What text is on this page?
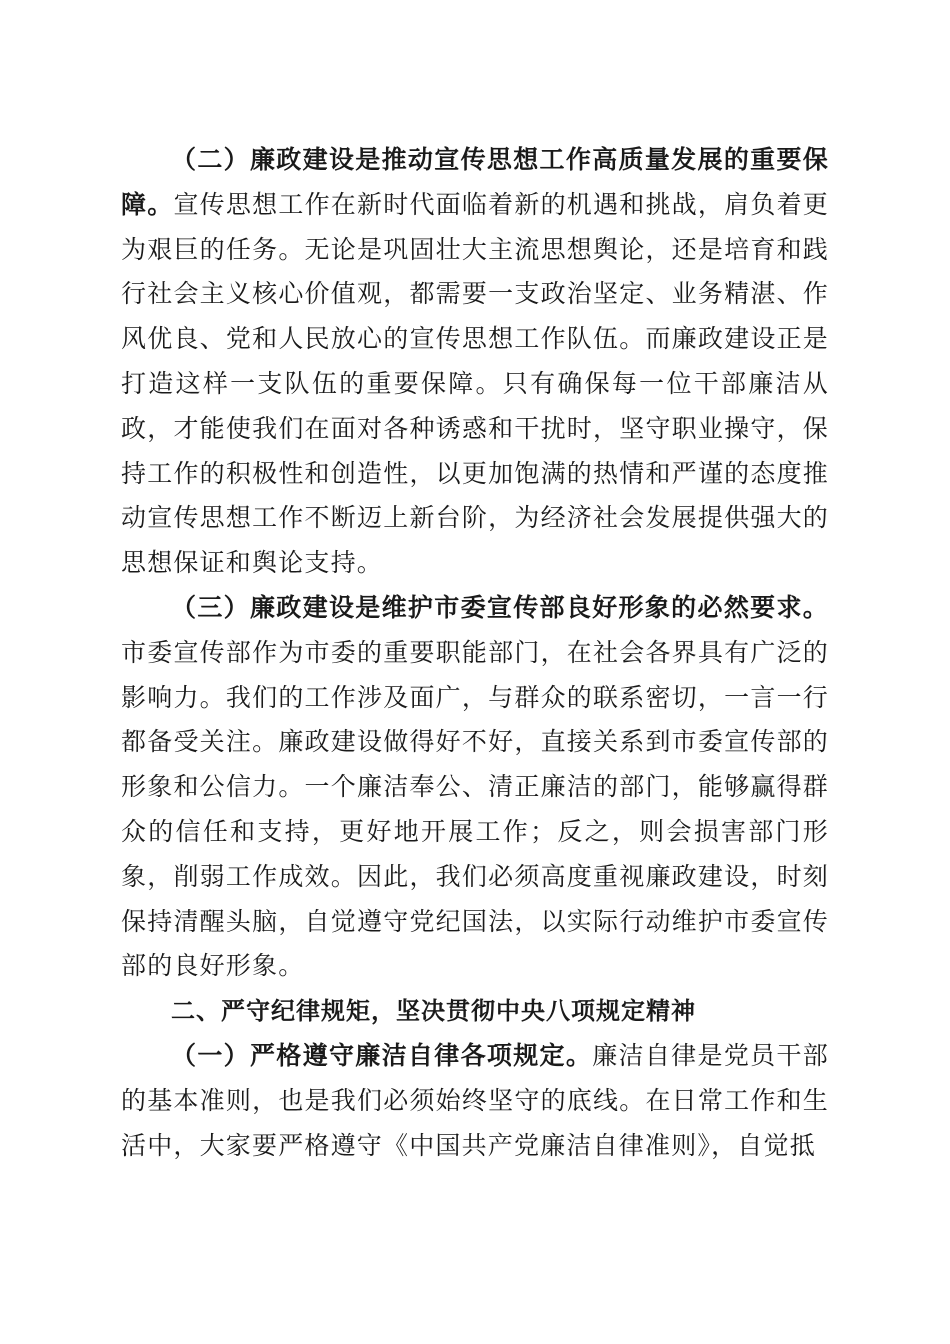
（二）廉政建设是推动宣传思想工作高质量发展的重要保障。宣传思想工作在新时代面临着新的机遇和挑战，肩负着更为艰巨的任务。无论是巩固壮大主流思想舆论，还是培育和践行社会主义核心价值观，都需要一支政治坚定、业务精湛、作风优良、党和人民放心的宣传思想工作队伍。而廉政建设正是打造这样一支队伍的重要保障。只有确保每一位干部廉洁从政，才能使我们在面对各种诱惑和干扰时，坚守职业操守，保持工作的积极性和创造性，以更加饱满的热情和严谨的态度推动宣传思想工作不断迈上新台阶，为经济社会发展提供强大的思想保证和舆论支持。

（三）廉政建设是维护市委宣传部良好形象的必然要求。市委宣传部作为市委的重要职能部门，在社会各界具有广泛的影响力。我们的工作涉及面广，与群众的联系密切，一言一行都备受关注。廉政建设做得好不好，直接关系到市委宣传部的形象和公信力。一个廉洁奉公、清正廉洁的部门，能够赢得群众的信任和支持，更好地开展工作；反之，则会损害部门形象，削弱工作成效。因此，我们必须高度重视廉政建设，时刻保持清醒头脑，自觉遵守党纪国法，以实际行动维护市委宣传部的良好形象。

二、严守纪律规矩，坚决贯彻中央八项规定精神

（一）严格遵守廉洁自律各项规定。廉洁自律是党员干部的基本准则，也是我们必须始终坚守的底线。在日常工作和生活中，大家要严格遵守《中国共产党廉洁自律准则》，自觉抵
